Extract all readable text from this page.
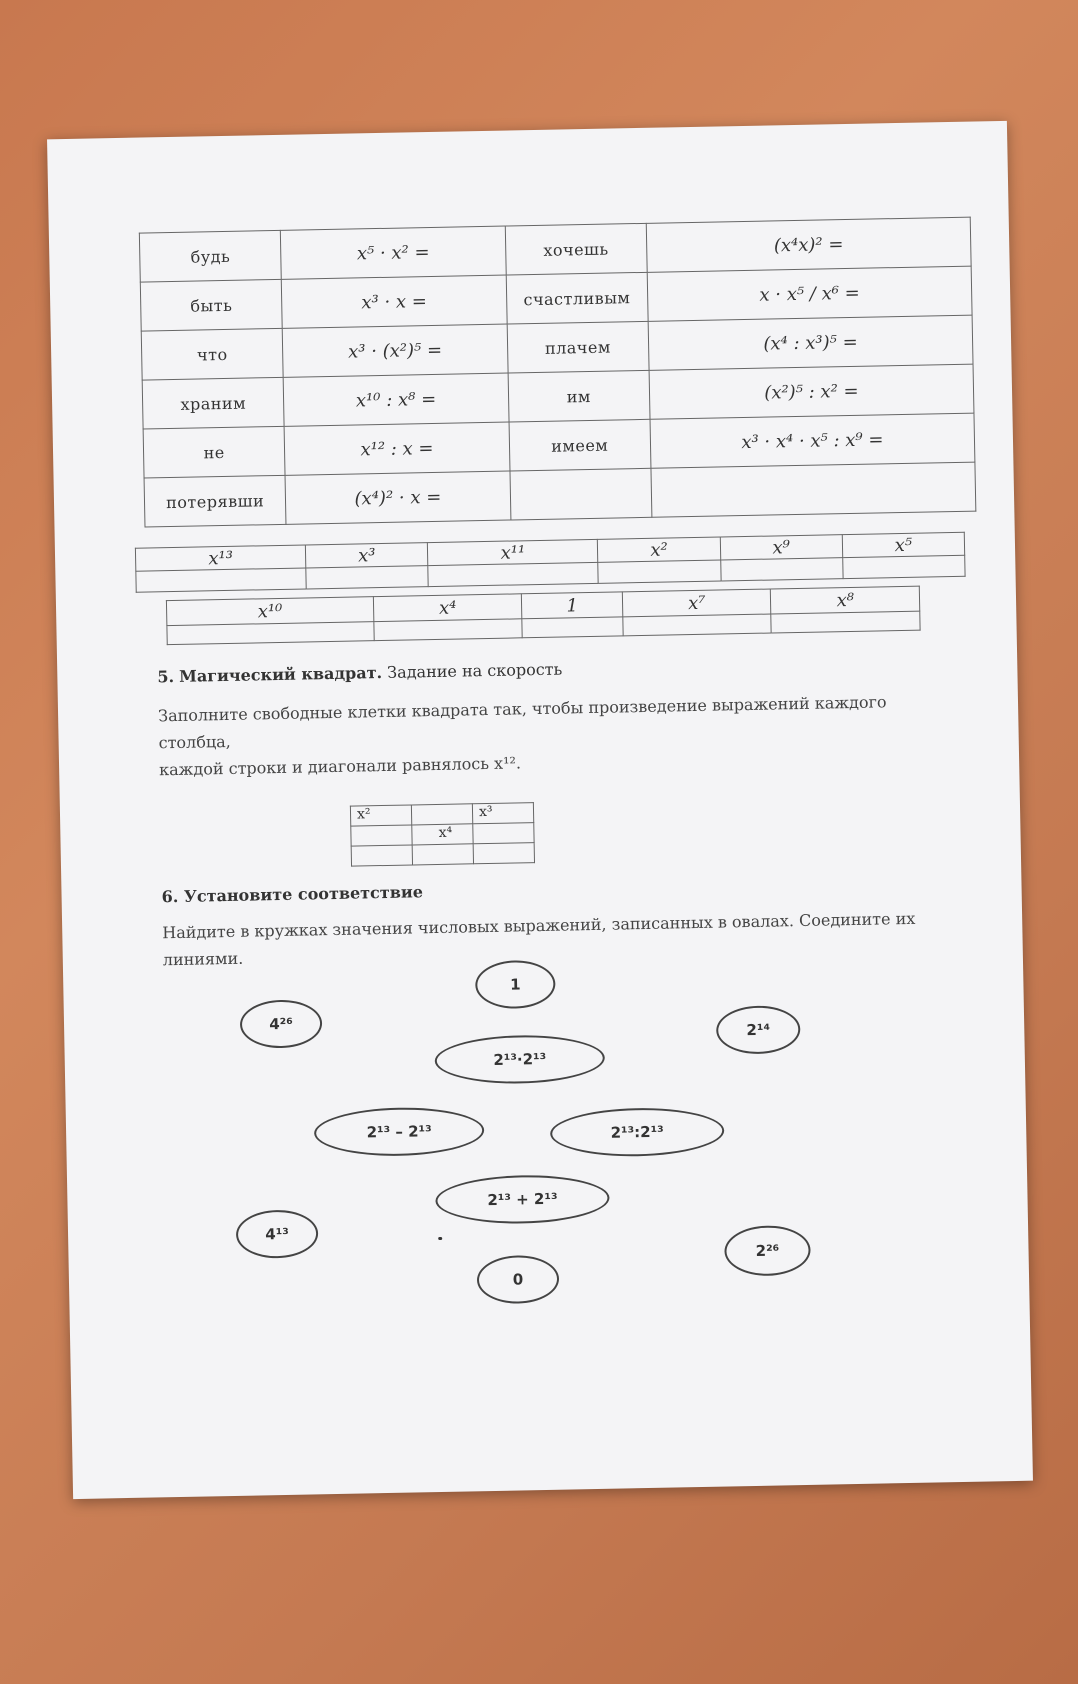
будь	x⁵ · x² =	хочешь	(x⁴x)² =
быть	x³ · x =	счастливым	x · x⁵ / x⁶ =
что	x³ · (x²)⁵ =	плачем	(x⁴ : x³)⁵ =
храним	x¹⁰ : x⁸ =	им	(x²)⁵ : x² =
не	x¹² : x =	имеем	x³ · x⁴ · x⁵ : x⁹ =
потерявши	(x⁴)² · x =		
x¹³	x³	x¹¹	x²	x⁹	x⁵

x¹⁰	x⁴	1	x⁷	x⁸

5. Магический квадрат. Задание на скорость
Заполните свободные клетки квадрата так, чтобы произведение выражений каждого столбца,
каждой строки и диагонали равнялось x¹².
x²		x³
	x⁴	

6. Установите соответствие
Найдите в кружках значения числовых выражений, записанных в овалах. Соедините их линиями.
1
4²⁶	2¹⁴
2¹³·2¹³
2¹³ – 2¹³	2¹³:2¹³
2¹³ + 2¹³
4¹³
2²⁶
0
